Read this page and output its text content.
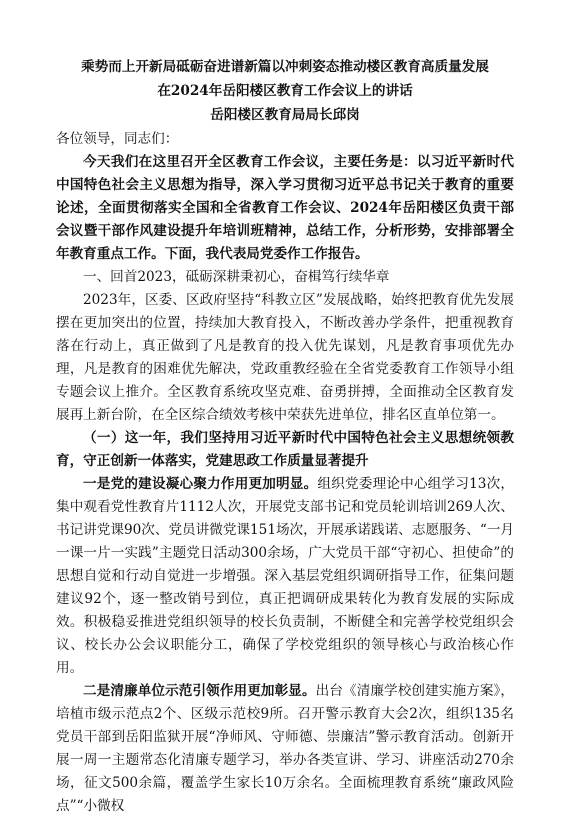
乘势而上开新局砥砺奋进谱新篇以冲刺姿态推动楼区教育高质量发展
在2024年岳阳楼区教育工作会议上的讲话
岳阳楼区教育局局长邱岗
各位领导，同志们：

今天我们在这里召开全区教育工作会议，主要任务是：以习近平新时代中国特色社会主义思想为指导，深入学习贯彻习近平总书记关于教育的重要论述，全面贯彻落实全国和全省教育工作会议、2024年岳阳楼区负责干部会议暨干部作风建设提升年培训班精神，总结工作，分析形势，安排部署全年教育重点工作。下面，我代表局党委作工作报告。

一、回首2023，砥砺深耕秉初心，奋楫笃行续华章

2023年，区委、区政府坚持“科教立区”发展战略，始终把教育优先发展摆在更加突出的位置，持续加大教育投入，不断改善办学条件，把重视教育落在行动上，真正做到了凡是教育的投入优先谋划，凡是教育事项优先办理，凡是教育的困难优先解决，党政重教经验在全省党委教育工作领导小组专题会议上推介。全区教育系统攻坚克难、奋勇拼搏，全面推动全区教育发展再上新台阶，在全区综合绩效考核中荣获先进单位，排名区直单位第一。

（一）这一年，我们坚持用习近平新时代中国特色社会主义思想统领教育，守正创新一体落实，党建思政工作质量显著提升

一是党的建设凝心聚力作用更加明显。组织党委理论中心组学习13次，集中观看党性教育片1112人次，开展党支部书记和党员轮训培训269人次、书记讲党课90次、党员讲微党课151场次，开展承诺践诺、志愿服务、“一月一课一片一实践”主题党日活动300余场，广大党员干部“守初心、担使命”的思想自觉和行动自觉进一步增强。深入基层党组织调研指导工作，征集问题建议92个，逐一整改销号到位，真正把调研成果转化为教育发展的实际成效。积极稳妥推进党组织领导的校长负责制，不断健全和完善学校党组织会议、校长办公会议职能分工，确保了学校党组织的领导核心与政治核心作用。

二是清廉单位示范引领作用更加彰显。出台《清廉学校创建实施方案》，培植市级示范点2个、区级示范校9所。召开警示教育大会2次，组织135名党员干部到岳阳监狱开展“净师风、守师德、崇廉洁”警示教育活动。创新开展一周一主题常态化清廉专题学习，举办各类宣讲、学习、讲座活动270余场，征文500余篇，覆盖学生家长10万余名。全面梳理教育系统“廉政风险点”“小微权
